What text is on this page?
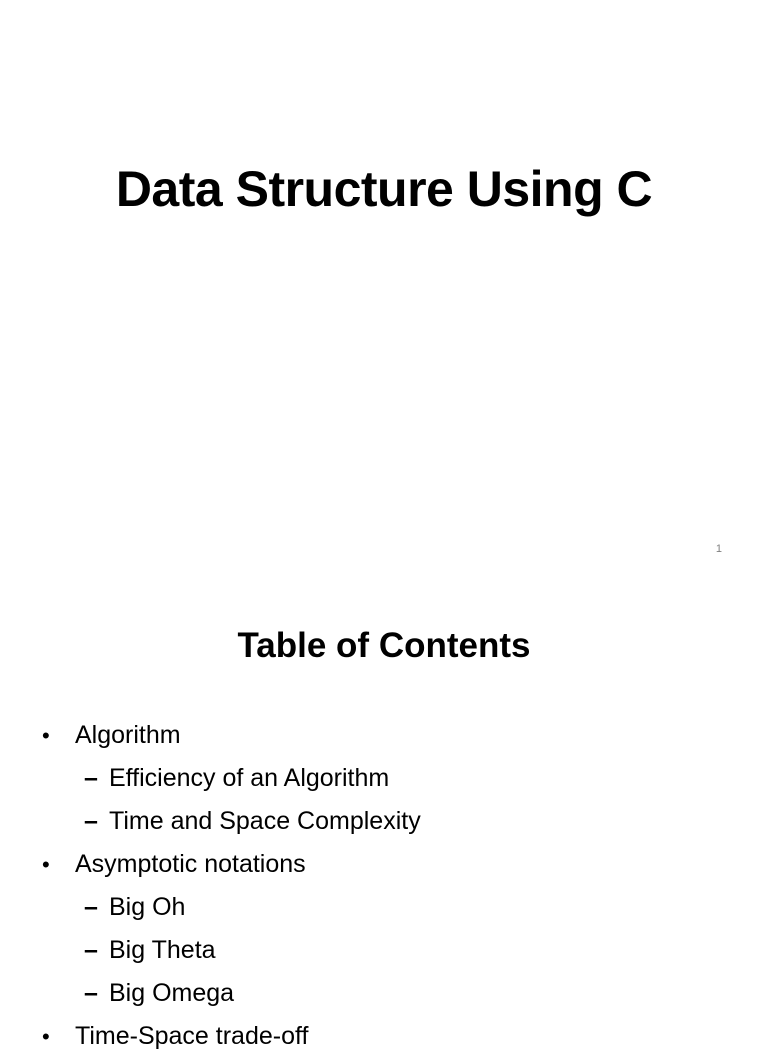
Data Structure Using C
1
Table of Contents
• Algorithm
– Efficiency of an Algorithm
– Time and Space Complexity
• Asymptotic notations
– Big Oh
– Big Theta
– Big Omega
• Time-Space trade-off
